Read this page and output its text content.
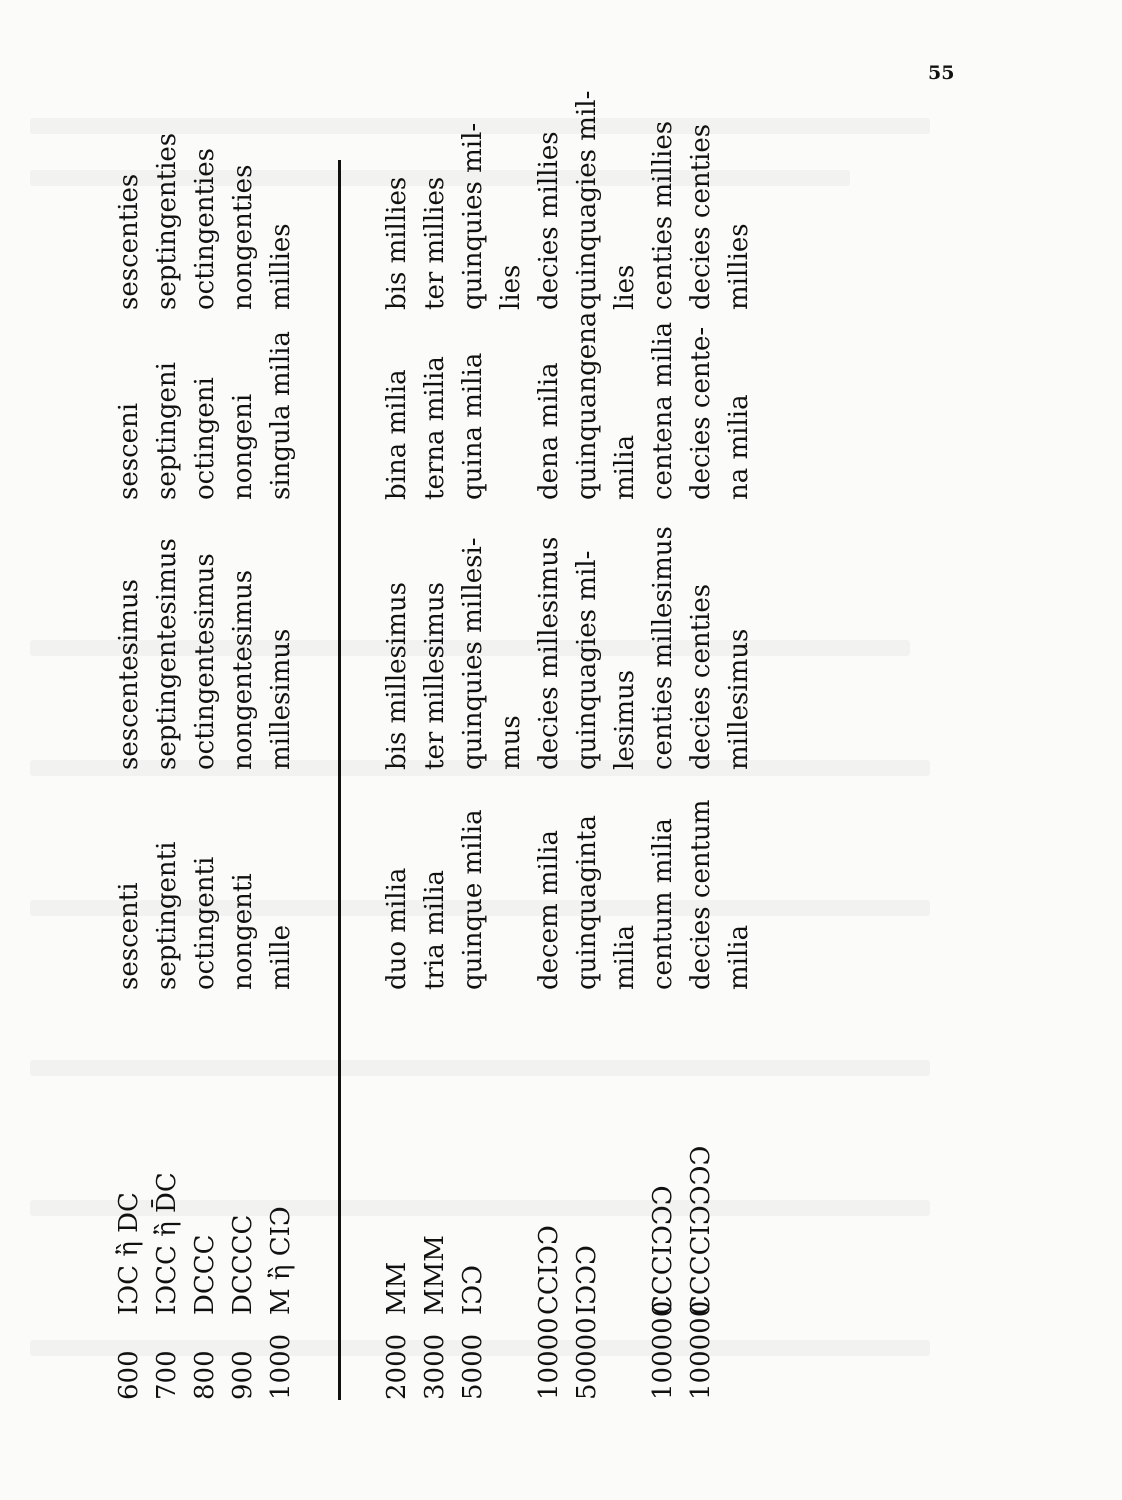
55
600
IƆC ἢ DC
sescenti
sescentesimus
sesceni
sescenties
700
IƆCC ἢ D̄C
septingenti
septingentesimus
septingeni
septingenties
800
DCCC
octingenti
octingentesimus
octingeni
octingenties
900
DCCCC
nongenti
nongentesimus
nongeni
nongenties
1000
M ἢ CIƆ
mille
millesimus
singula milia
millies
2000
MM
duo milia
bis millesimus
bina milia
bis millies
3000
MMM
tria milia
ter millesimus
terna milia
ter millies
5000
IƆƆ
quinque milia
quinquies millesi-
quina milia
quinquies mil-
mus
lies
10000
CCIƆƆ
decem milia
decies millesimus
dena milia
decies millies
50000
IƆƆƆ
quinquaginta
quinquagies mil-
quinquangena
quinquagies mil-
milia
lesimus
milia
lies
100000
CCCIƆƆƆ
centum milia
centies millesimus
centena milia
centies millies
100000
CCCCIƆƆƆƆ
decies centum
decies centies
decies cente-
decies centies
milia
millesimus
na milia
millies
